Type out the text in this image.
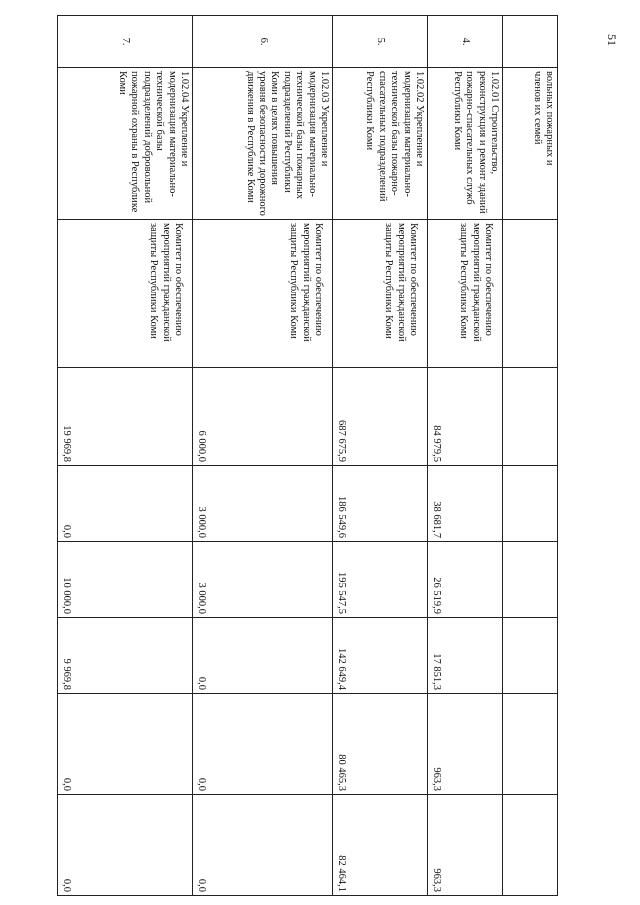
51
	вольных пожарных и
членов их семей							
4.	1.02.01 Строительство, реконструкция и ремонт зданий пожарно-спасательных служб Республики Коми	Комитет по обеспечению мероприятий гражданской защиты Республики Коми	84 979,5	38 681,7	26 519,9	17 851,3	963,3	963,3
5.	1.02.02 Укрепление и модернизация материально-технической базы пожарно-спасательных подразделений Республики Коми	Комитет по обеспечению мероприятий гражданской защиты Республики Коми	687 675,9	186 549,6	195 547,5	142 649,4	80 465,3	82 464,1
6.	1.02.03 Укрепление и модернизация материально-технической базы пожарных подразделений Республики Коми в целях повышения уровня безопасности дорожного движения в Республике Коми	Комитет по обеспечению мероприятий гражданской защиты Республики Коми	6 000,0	3 000,0	3 000,0	0,0	0,0	0,0
7.	1.02.04 Укрепление и модернизация материально-технической базы подразделений добровольной пожарной охраны в Республике Коми	Комитет по обеспечению мероприятий гражданской защиты Республики Коми	19 969,8	0,0	10 000,0	9 969,8	0,0	0,0
